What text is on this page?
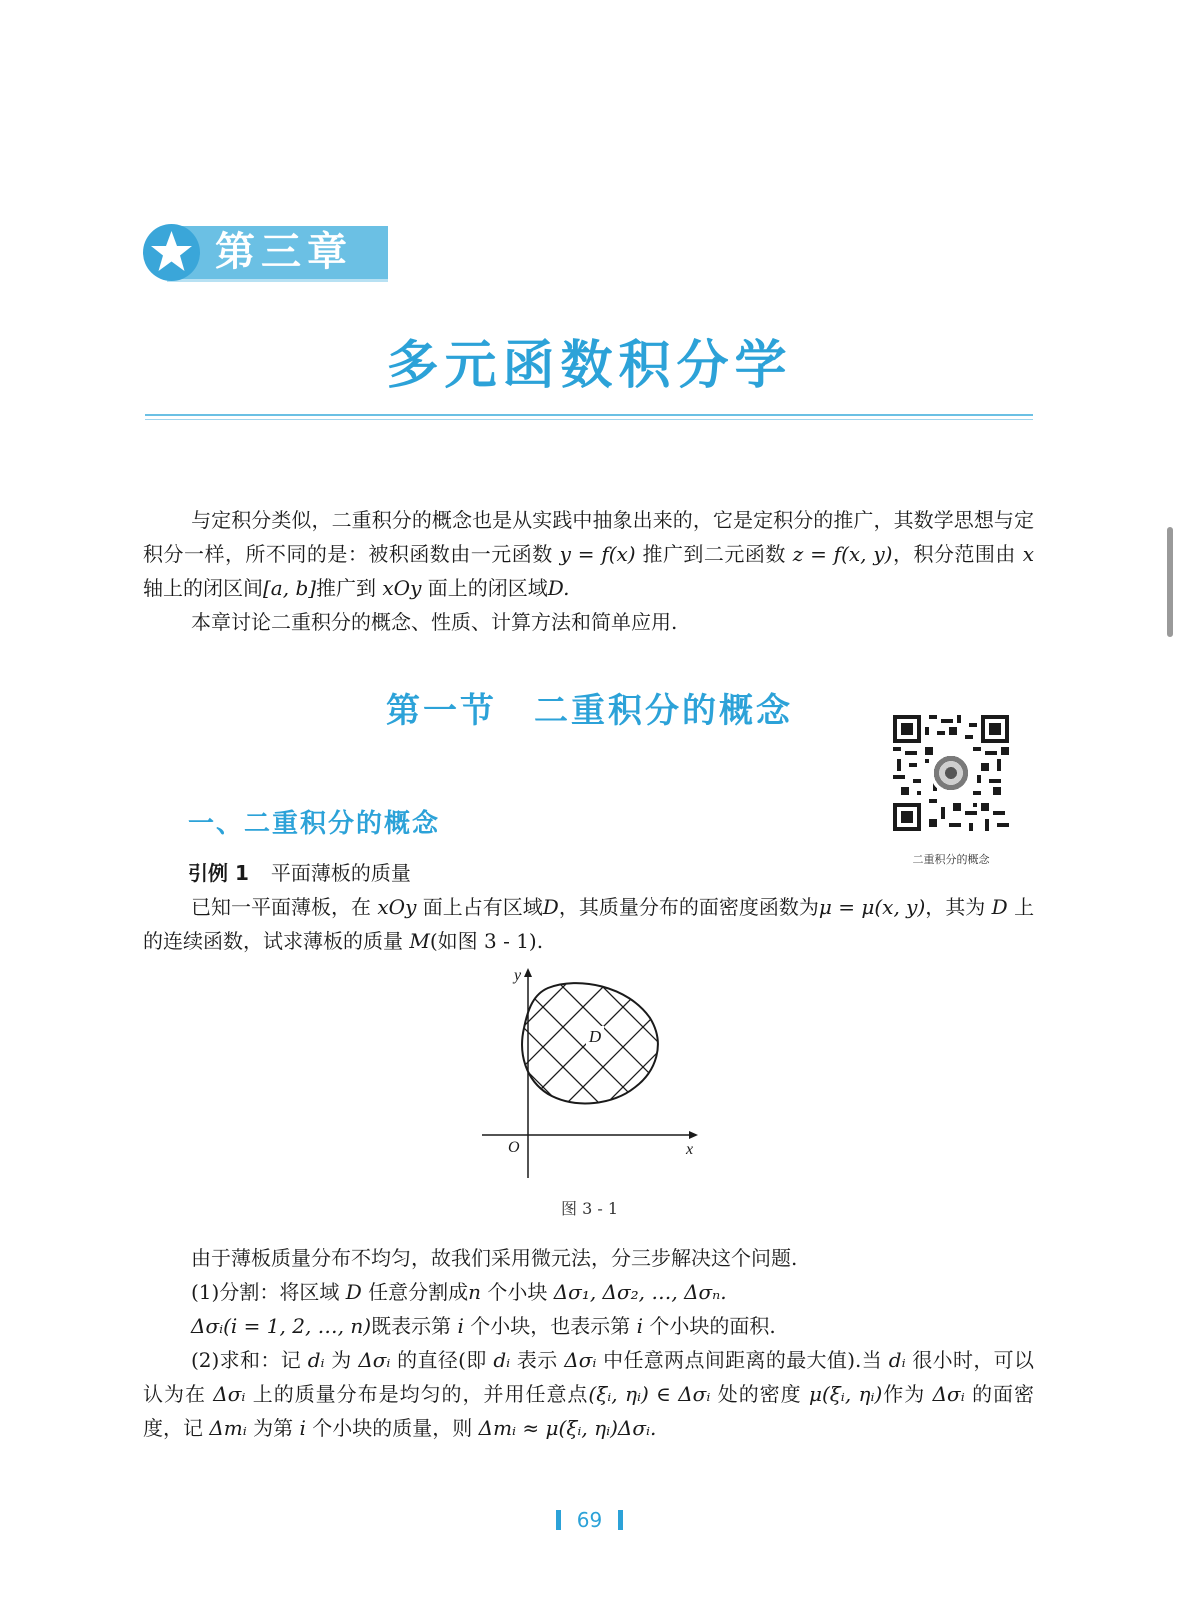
第三章
多元函数积分学
与定积分类似，二重积分的概念也是从实践中抽象出来的，它是定积分的推广，其数学思想与定积分一样，所不同的是：被积函数由一元函数 y = f(x) 推广到二元函数 z = f(x, y)，积分范围由 x 轴上的闭区间[a, b]推广到 xOy 面上的闭区域D.
本章讨论二重积分的概念、性质、计算方法和简单应用.
第一节　二重积分的概念
二重积分的概念
一、二重积分的概念
引例 1 平面薄板的质量
已知一平面薄板，在 xOy 面上占有区域D，其质量分布的面密度函数为μ = μ(x, y)，其为 D 上的连续函数，试求薄板的质量 M(如图 3 - 1).
D
y
x
O
图 3 - 1
由于薄板质量分布不均匀，故我们采用微元法，分三步解决这个问题.
(1)分割：将区域 D 任意分割成n 个小块 Δσ₁, Δσ₂, …, Δσₙ.
Δσᵢ(i = 1, 2, …, n)既表示第 i 个小块，也表示第 i 个小块的面积.
(2)求和：记 dᵢ 为 Δσᵢ 的直径(即 dᵢ 表示 Δσᵢ 中任意两点间距离的最大值).当 dᵢ 很小时，可以认为在 Δσᵢ 上的质量分布是均匀的，并用任意点(ξᵢ, ηᵢ) ∈ Δσᵢ 处的密度 μ(ξᵢ, ηᵢ)作为 Δσᵢ 的面密度，记 Δmᵢ 为第 i 个小块的质量，则 Δmᵢ ≈ μ(ξᵢ, ηᵢ)Δσᵢ.
69
